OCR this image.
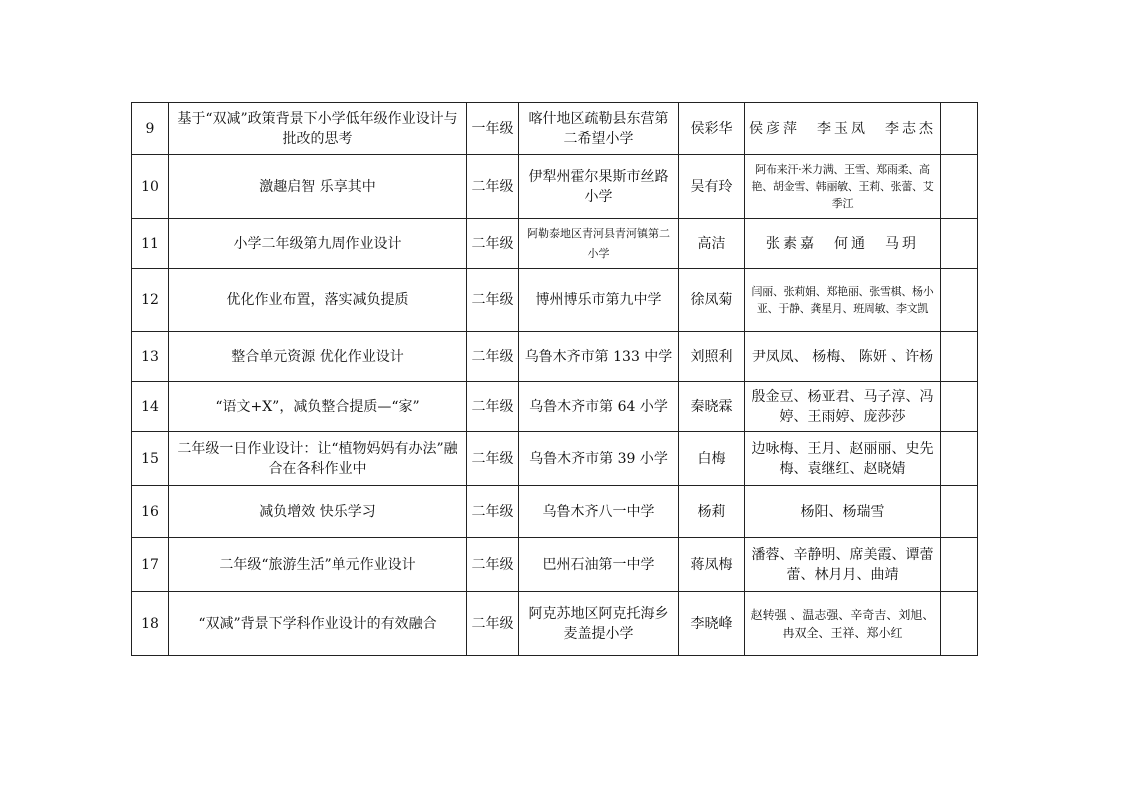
9	基于“双减”政策背景下小学低年级作业设计与批改的思考	一年级	喀什地区疏勒县东营第二希望小学	侯彩华	侯彦萍　李玉凤　李志杰	
10	激趣启智 乐享其中	二年级	伊犁州霍尔果斯市丝路小学	吴有玲	阿布来汗·米力满、王雪、郑雨柔、高艳、胡金雪、韩丽敏、王莉、张蕾、艾季江	
11	小学二年级第九周作业设计	二年级	阿勒泰地区青河县青河镇第二小学	高洁	张素嘉　何通　马玥	
12	优化作业布置，落实减负提质	二年级	博州博乐市第九中学	徐凤菊	闫丽、张莉娟、郑艳丽、张雪棋、杨小亚、于静、龚星月、班周敏、李文凯	
13	整合单元资源 优化作业设计	二年级	乌鲁木齐市第 133 中学	刘照利	尹凤凤、 杨梅、 陈妍 、许杨	
14	“语文+X”，减负整合提质—“家”	二年级	乌鲁木齐市第 64 小学	秦晓霖	殷金豆、杨亚君、马子淳、冯婷、王雨婷、庞莎莎	
15	二年级一日作业设计：让“植物妈妈有办法”融合在各科作业中	二年级	乌鲁木齐市第 39 小学	白梅	边咏梅、王月、赵丽丽、史先梅、袁继红、赵晓婧	
16	减负增效 快乐学习	二年级	乌鲁木齐八一中学	杨莉	杨阳、杨瑞雪	
17	二年级“旅游生活”单元作业设计	二年级	巴州石油第一中学	蒋凤梅	潘蓉、辛静明、席美霞、谭蕾蕾、林月月、曲靖	
18	“双减”背景下学科作业设计的有效融合	二年级	阿克苏地区阿克托海乡麦盖提小学	李晓峰	赵转强 、温志强、辛奇吉、刘旭、冉双全、王祥、郑小红	
